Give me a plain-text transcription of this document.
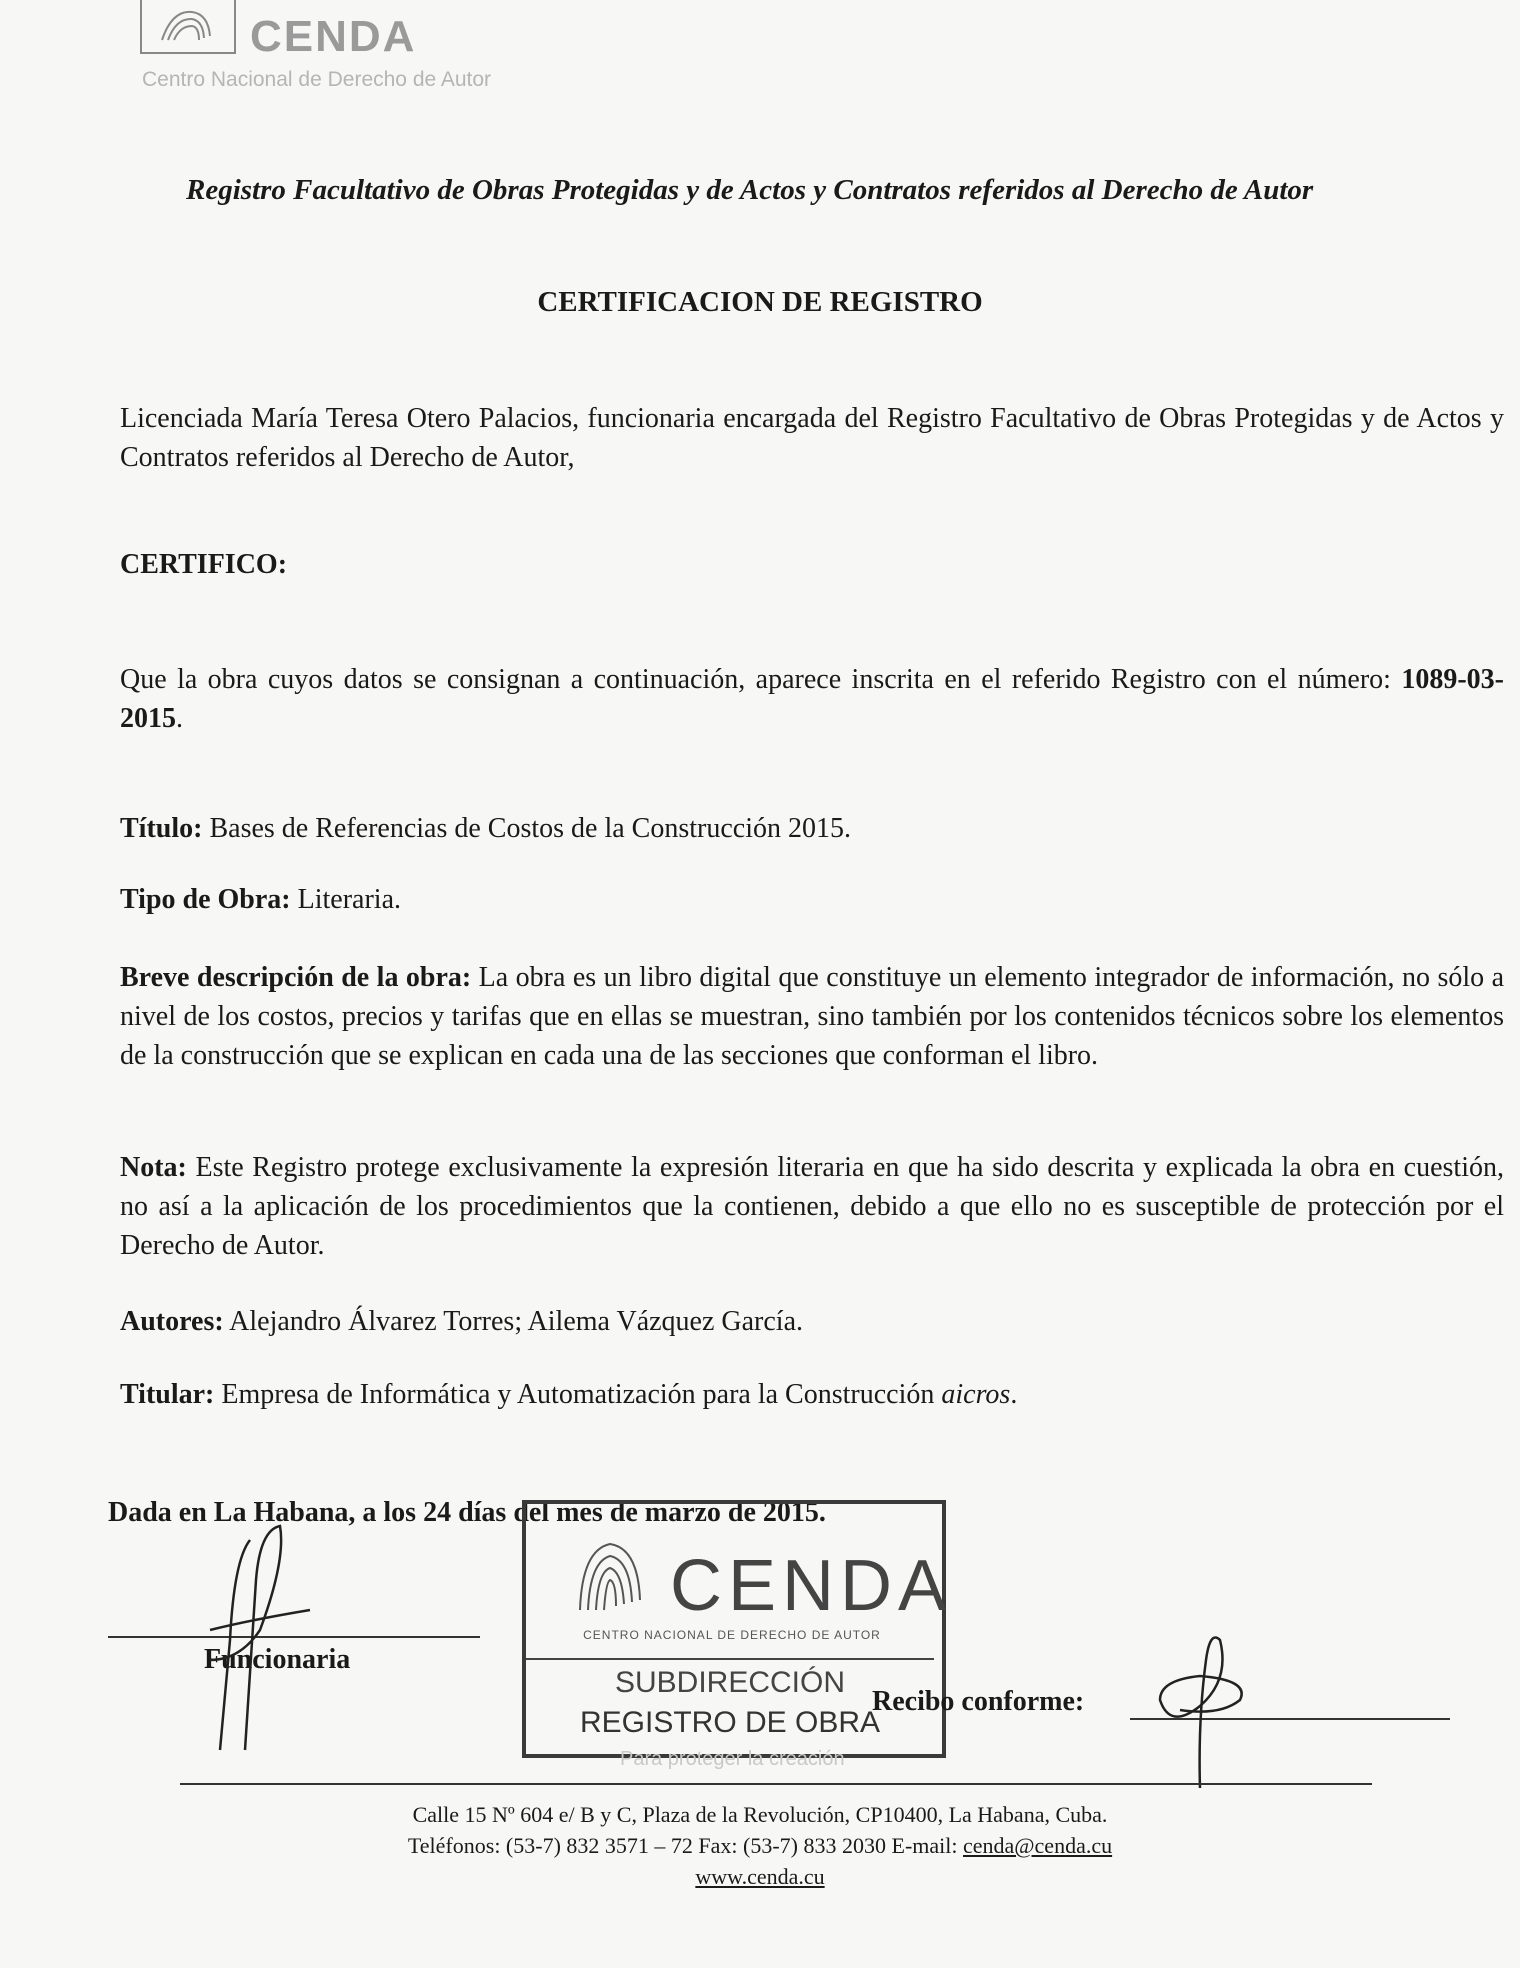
CENDA
Centro Nacional de Derecho de Autor
Registro Facultativo de Obras Protegidas y de Actos y Contratos referidos al Derecho de Autor
CERTIFICACION DE REGISTRO
Licenciada María Teresa Otero Palacios, funcionaria encargada del Registro Facultativo de Obras Protegidas y de Actos y Contratos referidos al Derecho de Autor,
CERTIFICO:
Que la obra cuyos datos se consignan a continuación, aparece inscrita en el referido Registro con el número: 1089-03-2015.
Título: Bases de Referencias de Costos de la Construcción 2015.
Tipo de Obra: Literaria.
Breve descripción de la obra: La obra es un libro digital que constituye un elemento integrador de información, no sólo a nivel de los costos, precios y tarifas que en ellas se muestran, sino también por los contenidos técnicos sobre los elementos de la construcción que se explican en cada una de las secciones que conforman el libro.
Nota: Este Registro protege exclusivamente la expresión literaria en que ha sido descrita y explicada la obra en cuestión, no así a la aplicación de los procedimientos que la contienen, debido a que ello no es susceptible de protección por el Derecho de Autor.
Autores: Alejandro Álvarez Torres; Ailema Vázquez García.
Titular: Empresa de Informática y Automatización para la Construcción aicros.
Dada en La Habana, a los 24 días del mes de marzo de 2015.
CENDA
CENTRO NACIONAL DE DERECHO DE AUTOR
SUBDIRECCIÓN
REGISTRO DE OBRA
Para proteger la creación
Funcionaria
Recibo conforme:
Calle 15 Nº 604 e/ B y C, Plaza de la Revolución, CP10400, La Habana, Cuba.
Teléfonos: (53-7) 832 3571 – 72 Fax: (53-7) 833 2030 E-mail: cenda@cenda.cu
www.cenda.cu
